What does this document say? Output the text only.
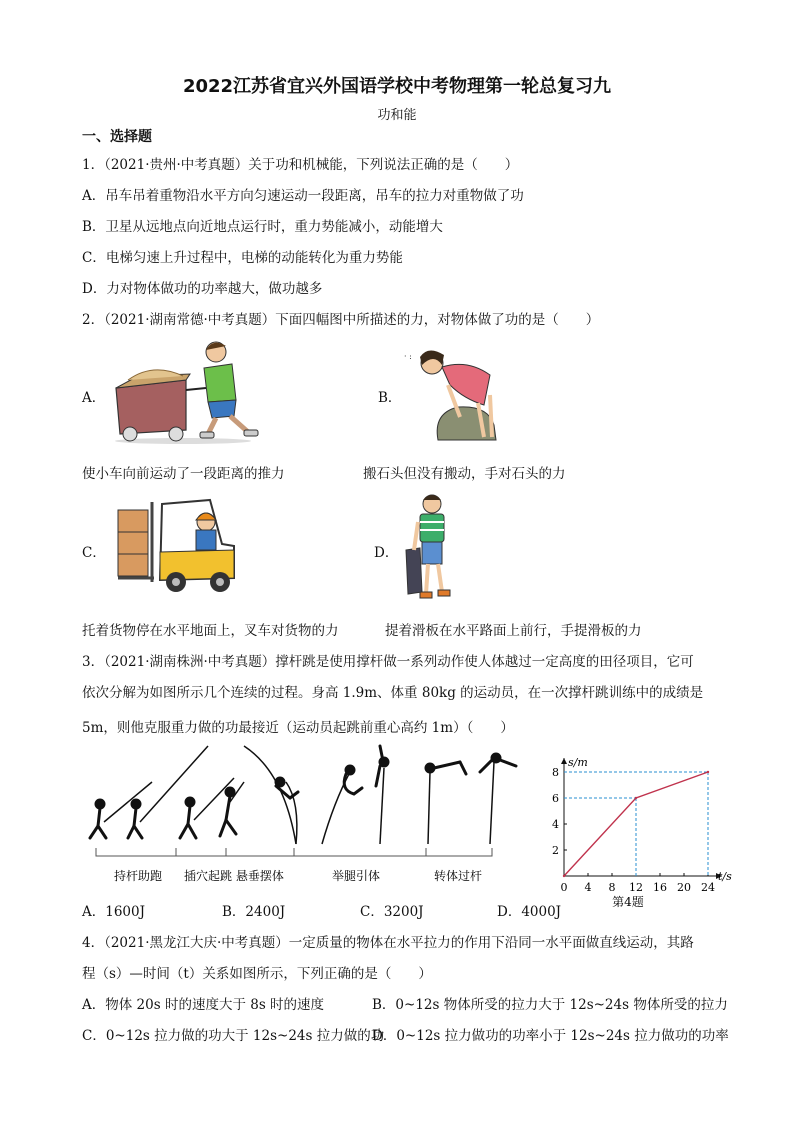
2022江苏省宜兴外国语学校中考物理第一轮总复习九
功和能
一、选择题
1．（2021·贵州·中考真题）关于功和机械能，下列说法正确的是（　　）
A．吊车吊着重物沿水平方向匀速运动一段距离，吊车的拉力对重物做了功
B．卫星从远地点向近地点运行时，重力势能减小，动能增大
C．电梯匀速上升过程中，电梯的动能转化为重力势能
D．力对物体做功的功率越大，做功越多
2．（2021·湖南常德·中考真题）下面四幅图中所描述的力，对物体做了功的是（　　）
A．	B．
· :
使小车向前运动了一段距离的推力	搬石头但没有搬动，手对石头的力
C．	D．
托着货物停在水平地面上，叉车对货物的力	提着滑板在水平路面上前行，手提滑板的力
3．（2021·湖南株洲·中考真题）撑杆跳是使用撑杆做一系列动作使人体越过一定高度的田径项目，它可
依次分解为如图所示几个连续的过程。身高 1.9m、体重 80kg 的运动员，在一次撑杆跳训练中的成绩是
5m，则他克服重力做的功最接近（运动员起跳前重心高约 1m）（　　）
持杆助跑 插穴起跳 悬垂摆体	举腿引体	转体过杆
s/m
t/s
0 4 8 12 16 20 24
2
4
6
8
第4题
A．1600J	B．2400J	C．3200J	D．4000J
4．（2021·黑龙江大庆·中考真题）一定质量的物体在水平拉力的作用下沿同一水平面做直线运动，其路
程（s）—时间（t）关系如图所示，下列正确的是（　　）
A．物体 20s 时的速度大于 8s 时的速度	B．0~12s 物体所受的拉力大于 12s~24s 物体所受的拉力
C．0~12s 拉力做的功大于 12s~24s 拉力做的功
D．0~12s 拉力做功的功率小于 12s~24s 拉力做功的功率
